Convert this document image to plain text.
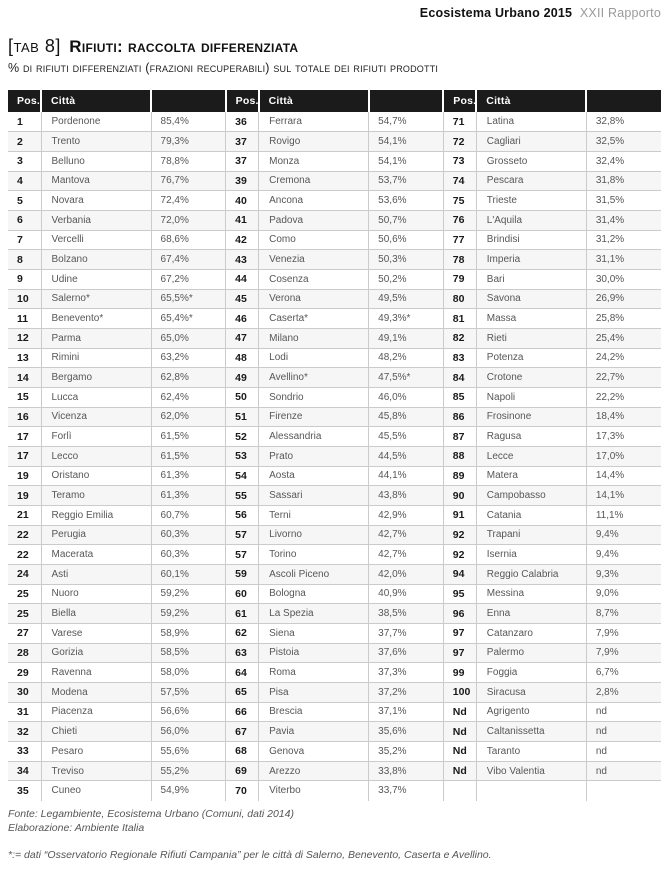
Ecosistema Urbano 2015 XXII Rapporto
[tab 8] Rifiuti: raccolta differenziata
% di rifiuti differenziati (frazioni recuperabili) sul totale dei rifiuti prodotti
Pos.	Città		Pos.	Città		Pos.	Città	
1	Pordenone	85,4%	36	Ferrara	54,7%	71	Latina	32,8%
2	Trento	79,3%	37	Rovigo	54,1%	72	Cagliari	32,5%
3	Belluno	78,8%	37	Monza	54,1%	73	Grosseto	32,4%
4	Mantova	76,7%	39	Cremona	53,7%	74	Pescara	31,8%
5	Novara	72,4%	40	Ancona	53,6%	75	Trieste	31,5%
6	Verbania	72,0%	41	Padova	50,7%	76	L'Aquila	31,4%
7	Vercelli	68,6%	42	Como	50,6%	77	Brindisi	31,2%
8	Bolzano	67,4%	43	Venezia	50,3%	78	Imperia	31,1%
9	Udine	67,2%	44	Cosenza	50,2%	79	Bari	30,0%
10	Salerno*	65,5%*	45	Verona	49,5%	80	Savona	26,9%
11	Benevento*	65,4%*	46	Caserta*	49,3%*	81	Massa	25,8%
12	Parma	65,0%	47	Milano	49,1%	82	Rieti	25,4%
13	Rimini	63,2%	48	Lodi	48,2%	83	Potenza	24,2%
14	Bergamo	62,8%	49	Avellino*	47,5%*	84	Crotone	22,7%
15	Lucca	62,4%	50	Sondrio	46,0%	85	Napoli	22,2%
16	Vicenza	62,0%	51	Firenze	45,8%	86	Frosinone	18,4%
17	Forlì	61,5%	52	Alessandria	45,5%	87	Ragusa	17,3%
17	Lecco	61,5%	53	Prato	44,5%	88	Lecce	17,0%
19	Oristano	61,3%	54	Aosta	44,1%	89	Matera	14,4%
19	Teramo	61,3%	55	Sassari	43,8%	90	Campobasso	14,1%
21	Reggio Emilia	60,7%	56	Terni	42,9%	91	Catania	11,1%
22	Perugia	60,3%	57	Livorno	42,7%	92	Trapani	9,4%
22	Macerata	60,3%	57	Torino	42,7%	92	Isernia	9,4%
24	Asti	60,1%	59	Ascoli Piceno	42,0%	94	Reggio Calabria	9,3%
25	Nuoro	59,2%	60	Bologna	40,9%	95	Messina	9,0%
25	Biella	59,2%	61	La Spezia	38,5%	96	Enna	8,7%
27	Varese	58,9%	62	Siena	37,7%	97	Catanzaro	7,9%
28	Gorizia	58,5%	63	Pistoia	37,6%	97	Palermo	7,9%
29	Ravenna	58,0%	64	Roma	37,3%	99	Foggia	6,7%
30	Modena	57,5%	65	Pisa	37,2%	100	Siracusa	2,8%
31	Piacenza	56,6%	66	Brescia	37,1%	Nd	Agrigento	nd
32	Chieti	56,0%	67	Pavia	35,6%	Nd	Caltanissetta	nd
33	Pesaro	55,6%	68	Genova	35,2%	Nd	Taranto	nd
34	Treviso	55,2%	69	Arezzo	33,8%	Nd	Vibo Valentia	nd
35	Cuneo	54,9%	70	Viterbo	33,7%			
Fonte: Legambiente, Ecosistema Urbano (Comuni, dati 2014)
Elaborazione: Ambiente Italia
*:= dati “Osservatorio Regionale Rifiuti Campania” per le città di Salerno, Benevento, Caserta e Avellino.
